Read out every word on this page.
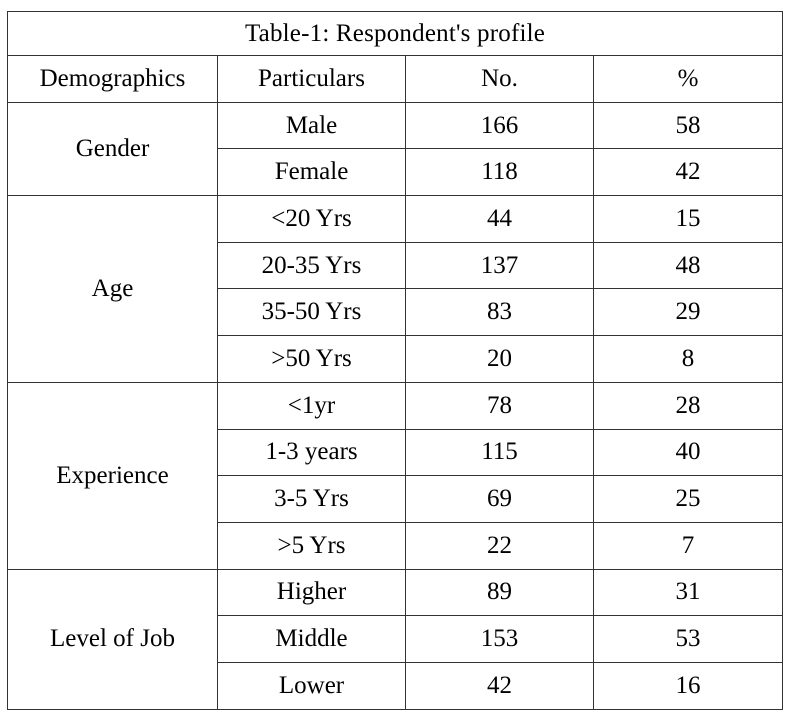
Table-1: Respondent's profile			
Demographics	Particulars	No.	%
Gender	Male	166	58
	Female	118	42
Age	<20 Yrs	44	15
	20-35 Yrs	137	48
	35-50 Yrs	83	29
	>50 Yrs	20	8
Experience	<1yr	78	28
	1-3 years	115	40
	3-5 Yrs	69	25
	>5 Yrs	22	7
Level of Job	Higher	89	31
	Middle	153	53
	Lower	42	16
